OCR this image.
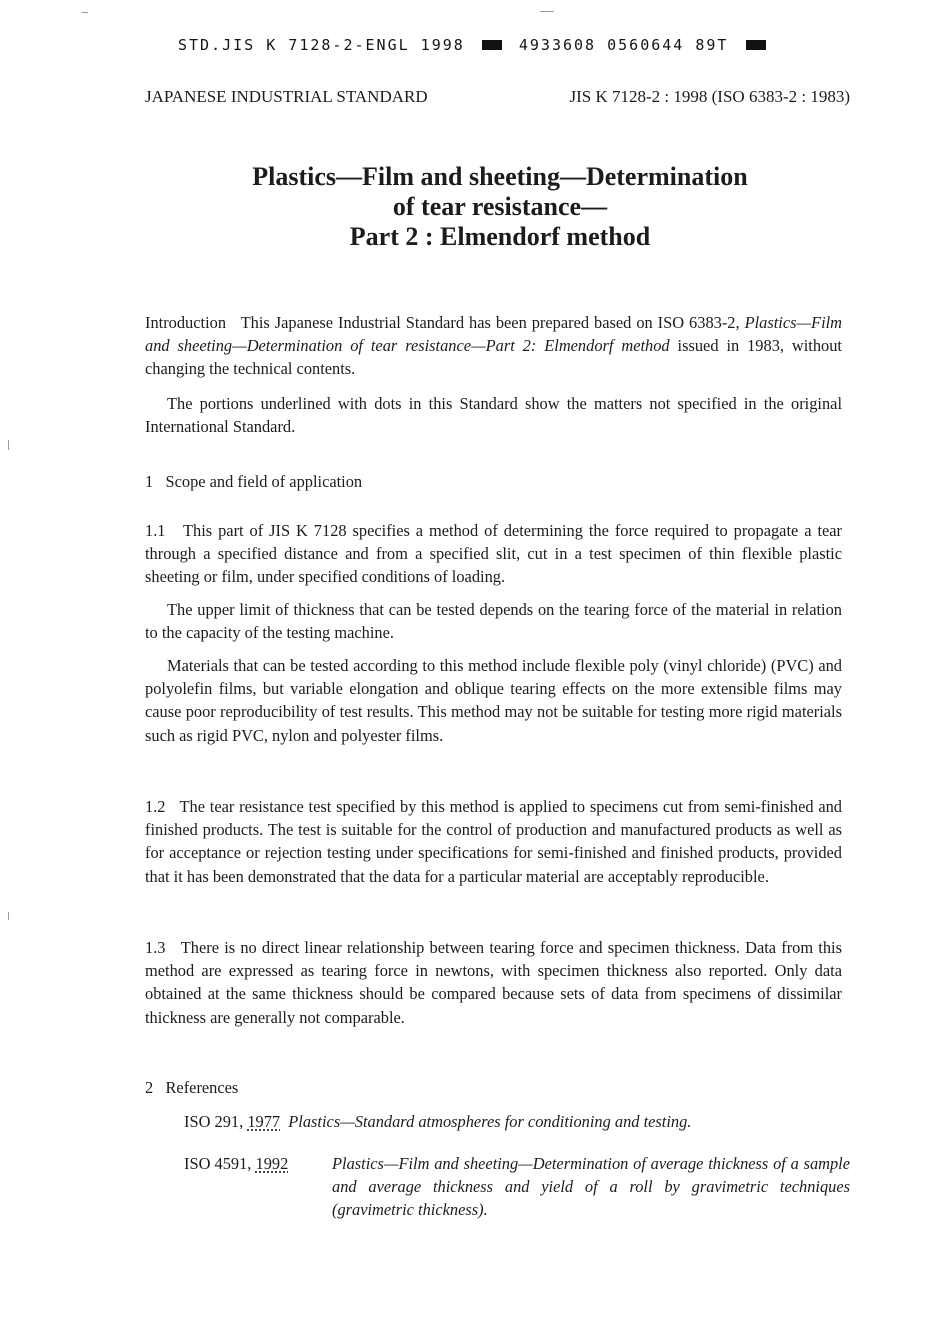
STD.JIS K 7128-2-ENGL 1998	4933608 0560644 89T
JAPANESE INDUSTRIAL STANDARD	JIS K 7128-2 : 1998 (ISO 6383-2 : 1983)
Plastics—Film and sheeting—Determination
of tear resistance—
Part 2 : Elmendorf method

Introduction This Japanese Industrial Standard has been prepared based on ISO 6383-2, Plastics—Film and sheeting—Determination of tear resistance—Part 2: Elmendorf method issued in 1983, without changing the technical contents.

The portions underlined with dots in this Standard show the matters not specified in the original International Standard.

1 Scope and field of application

1.1 This part of JIS K 7128 specifies a method of determining the force required to propagate a tear through a specified distance and from a specified slit, cut in a test specimen of thin flexible plastic sheeting or film, under specified conditions of loading.

The upper limit of thickness that can be tested depends on the tearing force of the material in relation to the capacity of the testing machine.

Materials that can be tested according to this method include flexible poly (vinyl chloride) (PVC) and polyolefin films, but variable elongation and oblique tearing effects on the more extensible films may cause poor reproducibility of test results. This method may not be suitable for testing more rigid materials such as rigid PVC, nylon and polyester films.

1.2 The tear resistance test specified by this method is applied to specimens cut from semi-finished and finished products. The test is suitable for the control of production and manufactured products as well as for acceptance or rejection testing under specifications for semi-finished and finished products, provided that it has been demonstrated that the data for a particular material are acceptably reproducible.

1.3 There is no direct linear relationship between tearing force and specimen thickness. Data from this method are expressed as tearing force in newtons, with specimen thickness also reported. Only data obtained at the same thickness should be compared because sets of data from specimens of dissimilar thickness are generally not comparable.

2 References
ISO 291, 1977 Plastics—Standard atmospheres for conditioning and testing.
ISO 4591, 1992	Plastics—Film and sheeting—Determination of average thickness of a sample and average thickness and yield of a roll by gravimetric techniques (gravimetric thickness).
